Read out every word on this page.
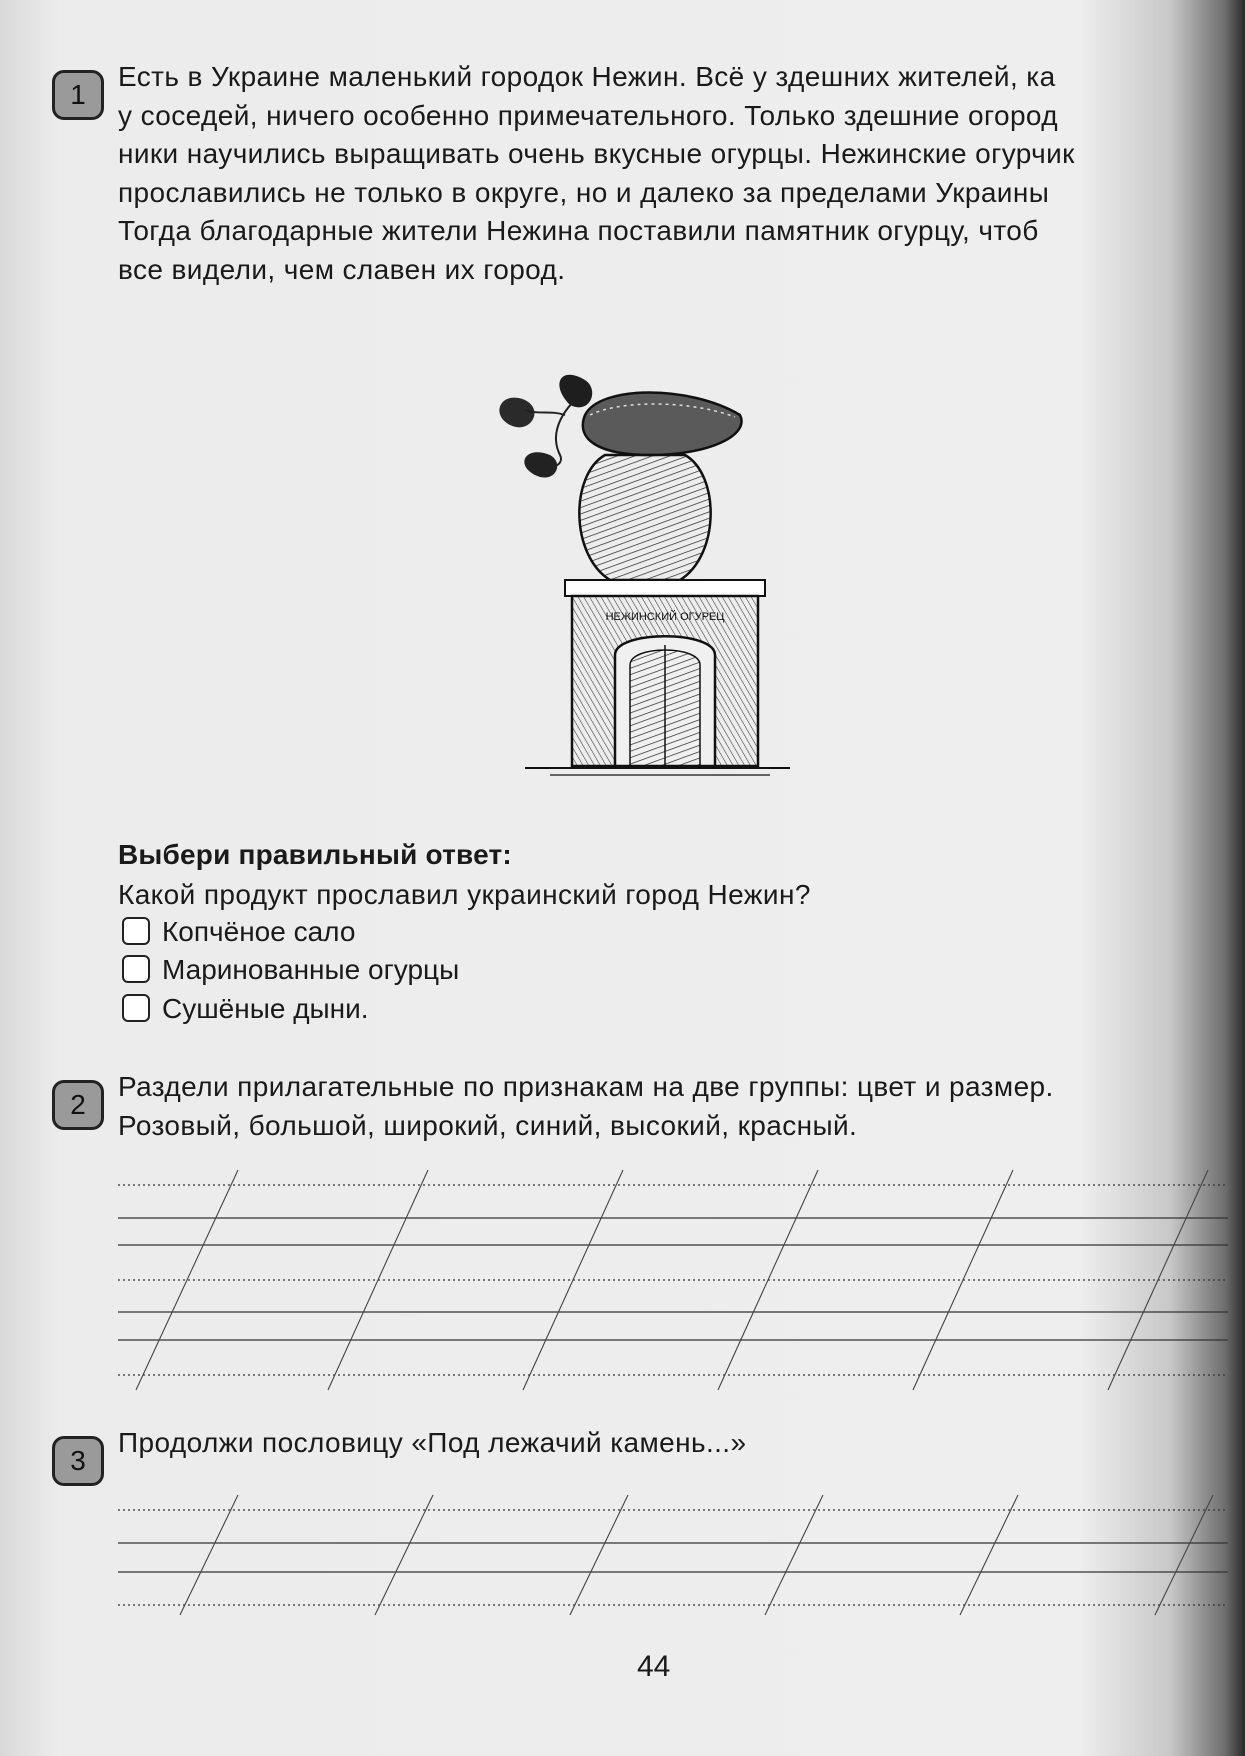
1
Есть в Украине маленький городок Нежин. Всё у здешних жителей, ка
у соседей, ничего особенно примечательного. Только здешние огород
ники научились выращивать очень вкусные огурцы. Нежинские огурчик
прославились не только в округе, но и далеко за пределами Украины
Тогда благодарные жители Нежина поставили памятник огурцу, чтоб
все видели, чем славен их город.
НЕЖИНСКИЙ ОГУРЕЦ
Выбери правильный ответ:
Какой продукт прославил украинский город Нежин?
Копчёное сало
Маринованные огурцы
Сушёные дыни.
2
Раздели прилагательные по признакам на две группы: цвет и размер.
Розовый, большой, широкий, синий, высокий, красный.
3
Продолжи пословицу «Под лежачий камень...»
44
